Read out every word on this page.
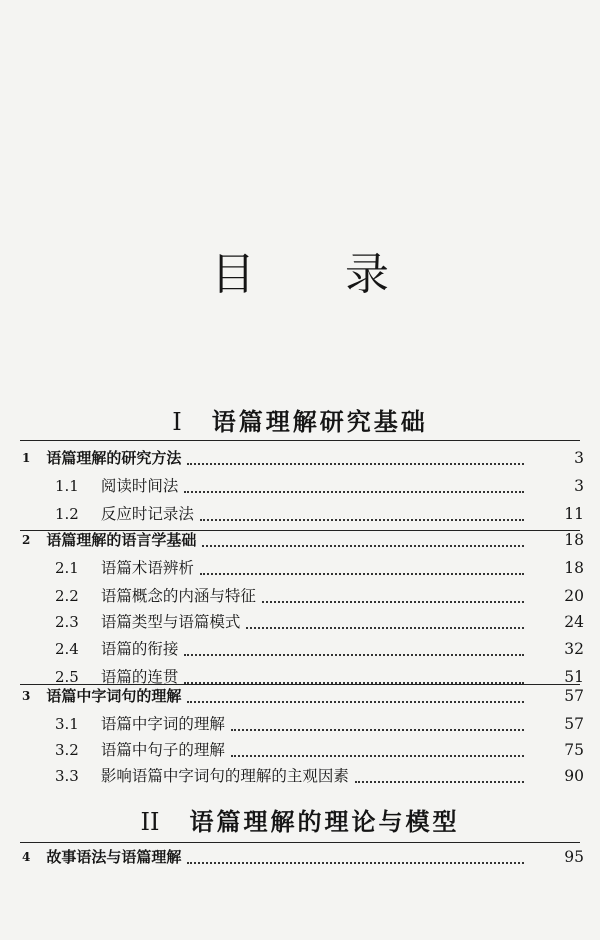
目 录
I 语篇理解研究基础
1 语篇理解的研究方法	3
1.1 阅读时间法	3
1.2 反应时记录法	11
2 语篇理解的语言学基础	18
2.1 语篇术语辨析	18
2.2 语篇概念的内涵与特征	20
2.3 语篇类型与语篇模式	24
2.4 语篇的衔接	32
2.5 语篇的连贯	51
3 语篇中字词句的理解	57
3.1 语篇中字词的理解	57
3.2 语篇中句子的理解	75
3.3 影响语篇中字词句的理解的主观因素	90
II 语篇理解的理论与模型
4 故事语法与语篇理解	95
